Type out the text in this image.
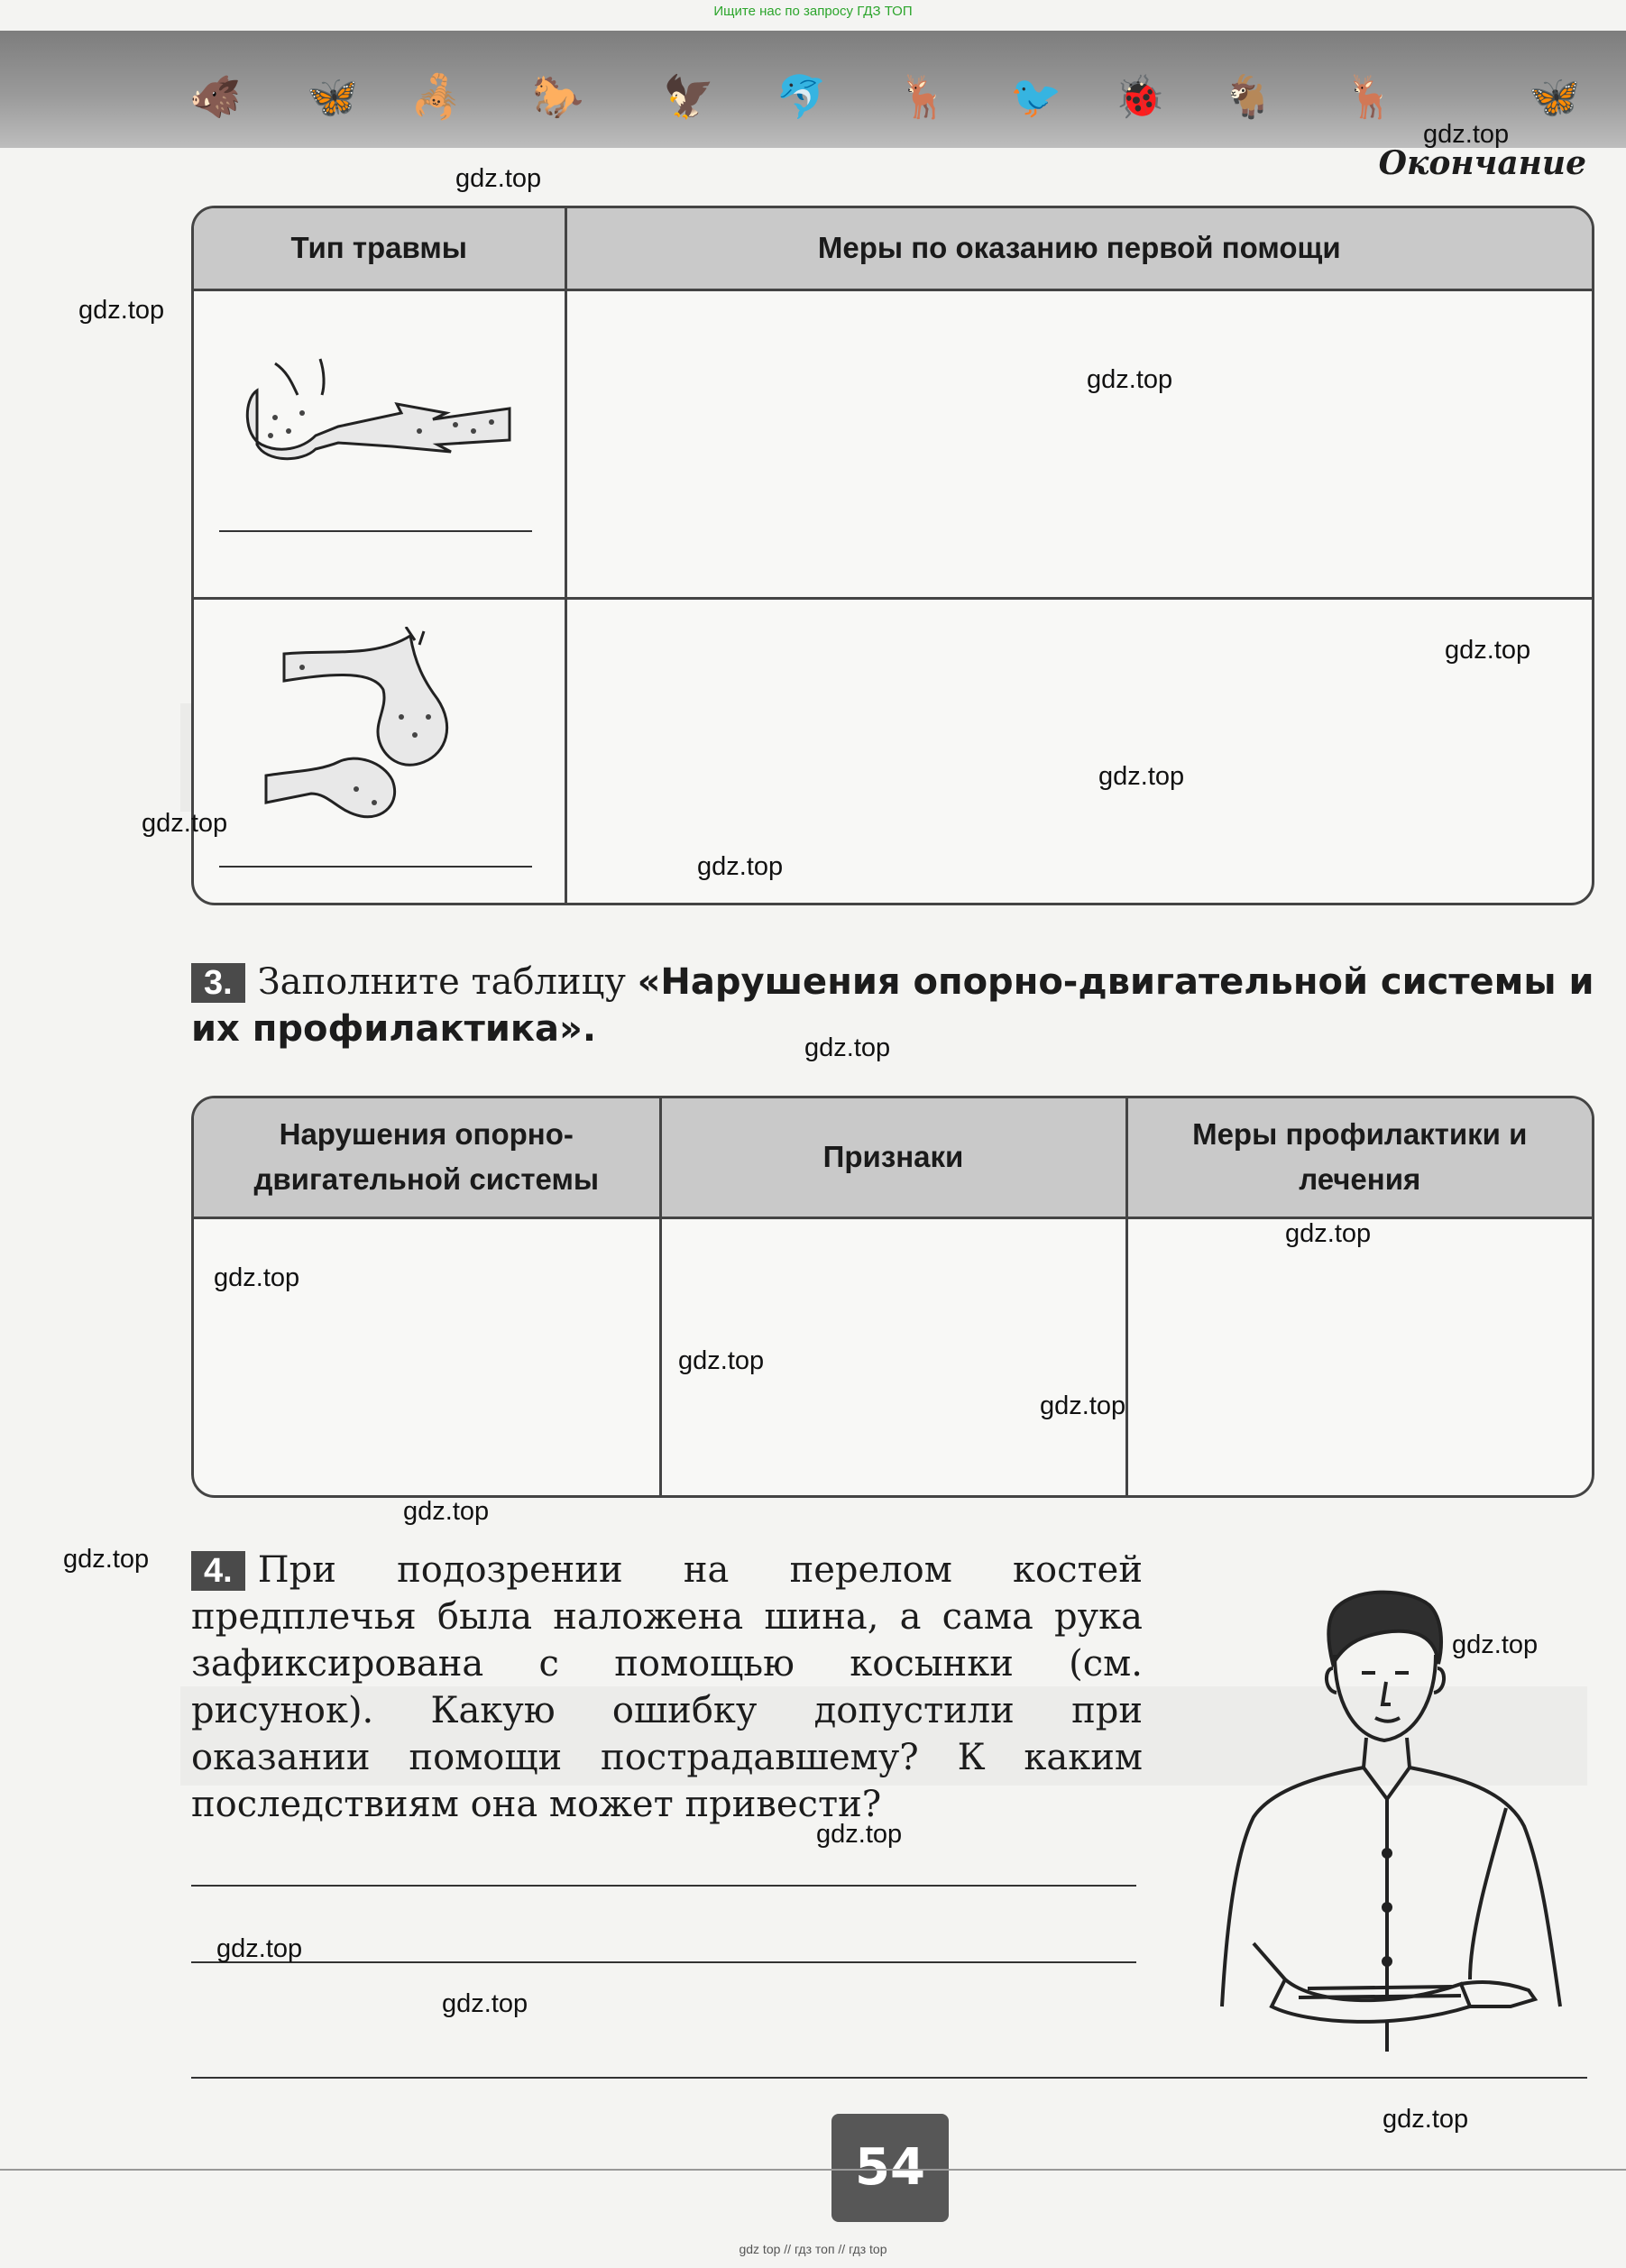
Ищите нас по запросу ГДЗ ТОП
🐗 🦋 🦂 🐎 🦅 🐬 🦌 🐦 🐞 🐐 🦌	🦋
Окончание
Тип травмы	Меры по оказанию первой помощи

3. Заполните таблицу «Нарушения опорно-двигательной системы и их профилактика».
Нарушения опорно-двигательной системы	Признаки	Меры профилактики и лечения

4. При подозрении на перелом костей предплечья была наложена шина, а сама рука зафиксирована с помощью косынки (см. рисунок). Какую ошибку допустили при оказании помощи пострадавшему? К каким последствиям она может привести?
54
gdz.top
gdz.top
gdz.top
gdz.top
gdz.top
gdz.top
gdz.top
gdz.top
gdz.top
gdz.top
gdz.top
gdz.top
gdz.top
gdz.top
gdz.top
gdz.top
gdz.top
gdz.top
gdz.top
gdz.top
gdz top // гдз топ // гдз top
